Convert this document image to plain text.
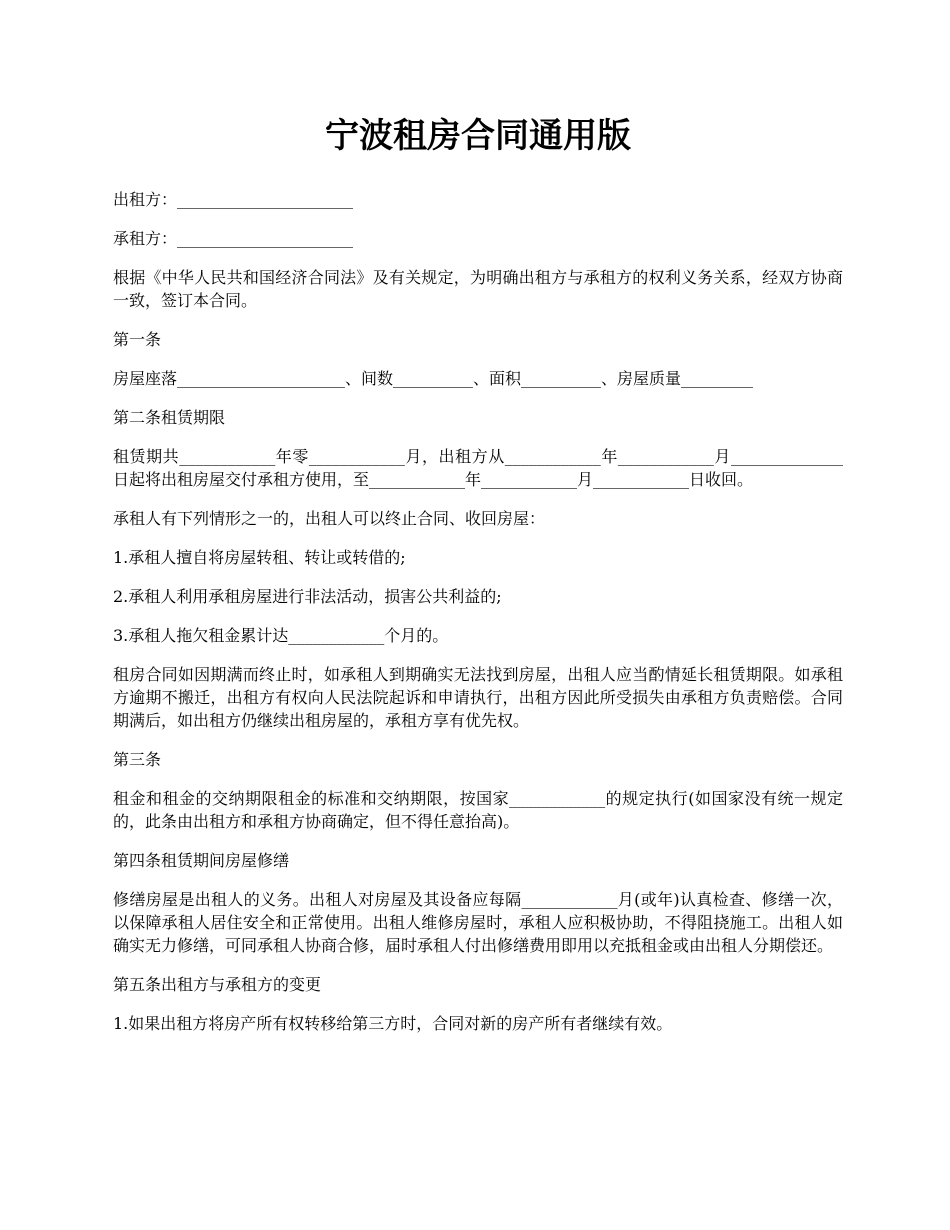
宁波租房合同通用版

出租方：______________________

承租方：______________________

根据《中华人民共和国经济合同法》及有关规定，为明确出租方与承租方的权利义务关系，经双方协商一致，签订本合同。

第一条

房屋座落_____________________、间数__________、面积__________、房屋质量_________

第二条租赁期限

租赁期共____________年零____________月，出租方从____________年____________月______________日起将出租房屋交付承租方使用，至____________年____________月____________日收回。

承租人有下列情形之一的，出租人可以终止合同、收回房屋：

1.承租人擅自将房屋转租、转让或转借的;

2.承租人利用承租房屋进行非法活动，损害公共利益的;

3.承租人拖欠租金累计达____________个月的。

租房合同如因期满而终止时，如承租人到期确实无法找到房屋，出租人应当酌情延长租赁期限。如承租方逾期不搬迁，出租方有权向人民法院起诉和申请执行，出租方因此所受损失由承租方负责赔偿。合同期满后，如出租方仍继续出租房屋的，承租方享有优先权。

第三条

租金和租金的交纳期限租金的标准和交纳期限，按国家____________的规定执行(如国家没有统一规定的，此条由出租方和承租方协商确定，但不得任意抬高)。

第四条租赁期间房屋修缮

修缮房屋是出租人的义务。出租人对房屋及其设备应每隔____________月(或年)认真检查、修缮一次，以保障承租人居住安全和正常使用。出租人维修房屋时，承租人应积极协助，不得阻挠施工。出租人如确实无力修缮，可同承租人协商合修，届时承租人付出修缮费用即用以充抵租金或由出租人分期偿还。

第五条出租方与承租方的变更

1.如果出租方将房产所有权转移给第三方时，合同对新的房产所有者继续有效。
